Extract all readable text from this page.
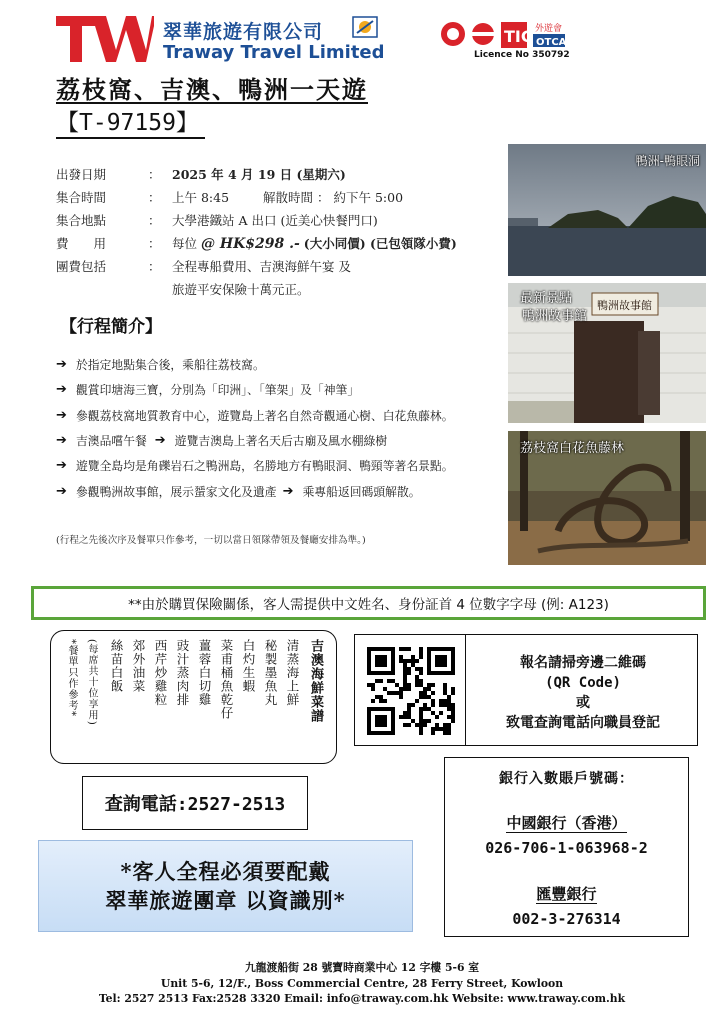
翠華旅遊有限公司
Traway Travel Limited
TIC 外遊會
OTCA
Licence No 350792
荔枝窩、吉澳、鴨洲一天遊
【T-97159】
出發日期	： 2025 年 4 月 19 日 (星期六)
集合時間	： 上午 8:45	解散時間 ： 約下午 5:00
集合地點	： 大學港鐵站 A 出口 (近美心快餐門口)
費　　用	： 每位 @ HK$298 .- (大小同價) (已包領隊小費)
團費包括	： 全程專船費用、吉澳海鮮午宴 及
旅遊平安保險十萬元正。
【行程簡介】
➔ 於指定地點集合後，乘船往荔枝窩。
➔ 觀賞印塘海三寶，分別為「印洲」、「筆架」及「神筆」
➔ 參觀荔枝窩地質教育中心，遊覽島上著名自然奇觀通心樹、白花魚藤林。
➔ 吉澳品嚐午餐 ➔ 遊覽吉澳島上著名天后古廟及風水棚綠樹
➔ 遊覽全島均是角礫岩石之鴨洲島，名勝地方有鴨眼洞、鴨頸等著名景點。
➔ 參觀鴨洲故事館，展示蜑家文化及遺產 ➔ 乘專船返回碼頭解散。
(行程之先後次序及餐單只作參考，一切以當日領隊帶領及餐廳安排為準。)
鴨洲-鴨眼洞
鴨洲故事館
最新景點
鴨洲故事館
荔枝窩白花魚藤林
**由於購買保險關係，客人需提供中文姓名、身份証首 4 位數字字母 (例: A123)
吉澳海鮮菜譜
清蒸海上鮮
秘製墨魚丸
白灼生蝦
菜甫桶魚乾仔
薑蓉白切雞
豉汁蒸肉排
西芹炒雞粒
郊外油菜
絲苗白飯
(每席共十位享用)
*餐單只作參考*	報名請掃旁邊二維碼
(QR Code)
或
致電查詢電話向職員登記
查詢電話:2527-2513
銀行入數賬戶號碼：
中國銀行（香港）
026-706-1-063968-2
匯豐銀行
002-3-276314
*客人全程必須要配戴
翠華旅遊團章 以資識別*
九龍渡船街 28 號寶時商業中心 12 字樓 5-6 室
Unit 5-6, 12/F., Boss Commercial Centre, 28 Ferry Street, Kowloon
Tel: 2527 2513 Fax:2528 3320 Email: info@traway.com.hk Website: www.traway.com.hk
